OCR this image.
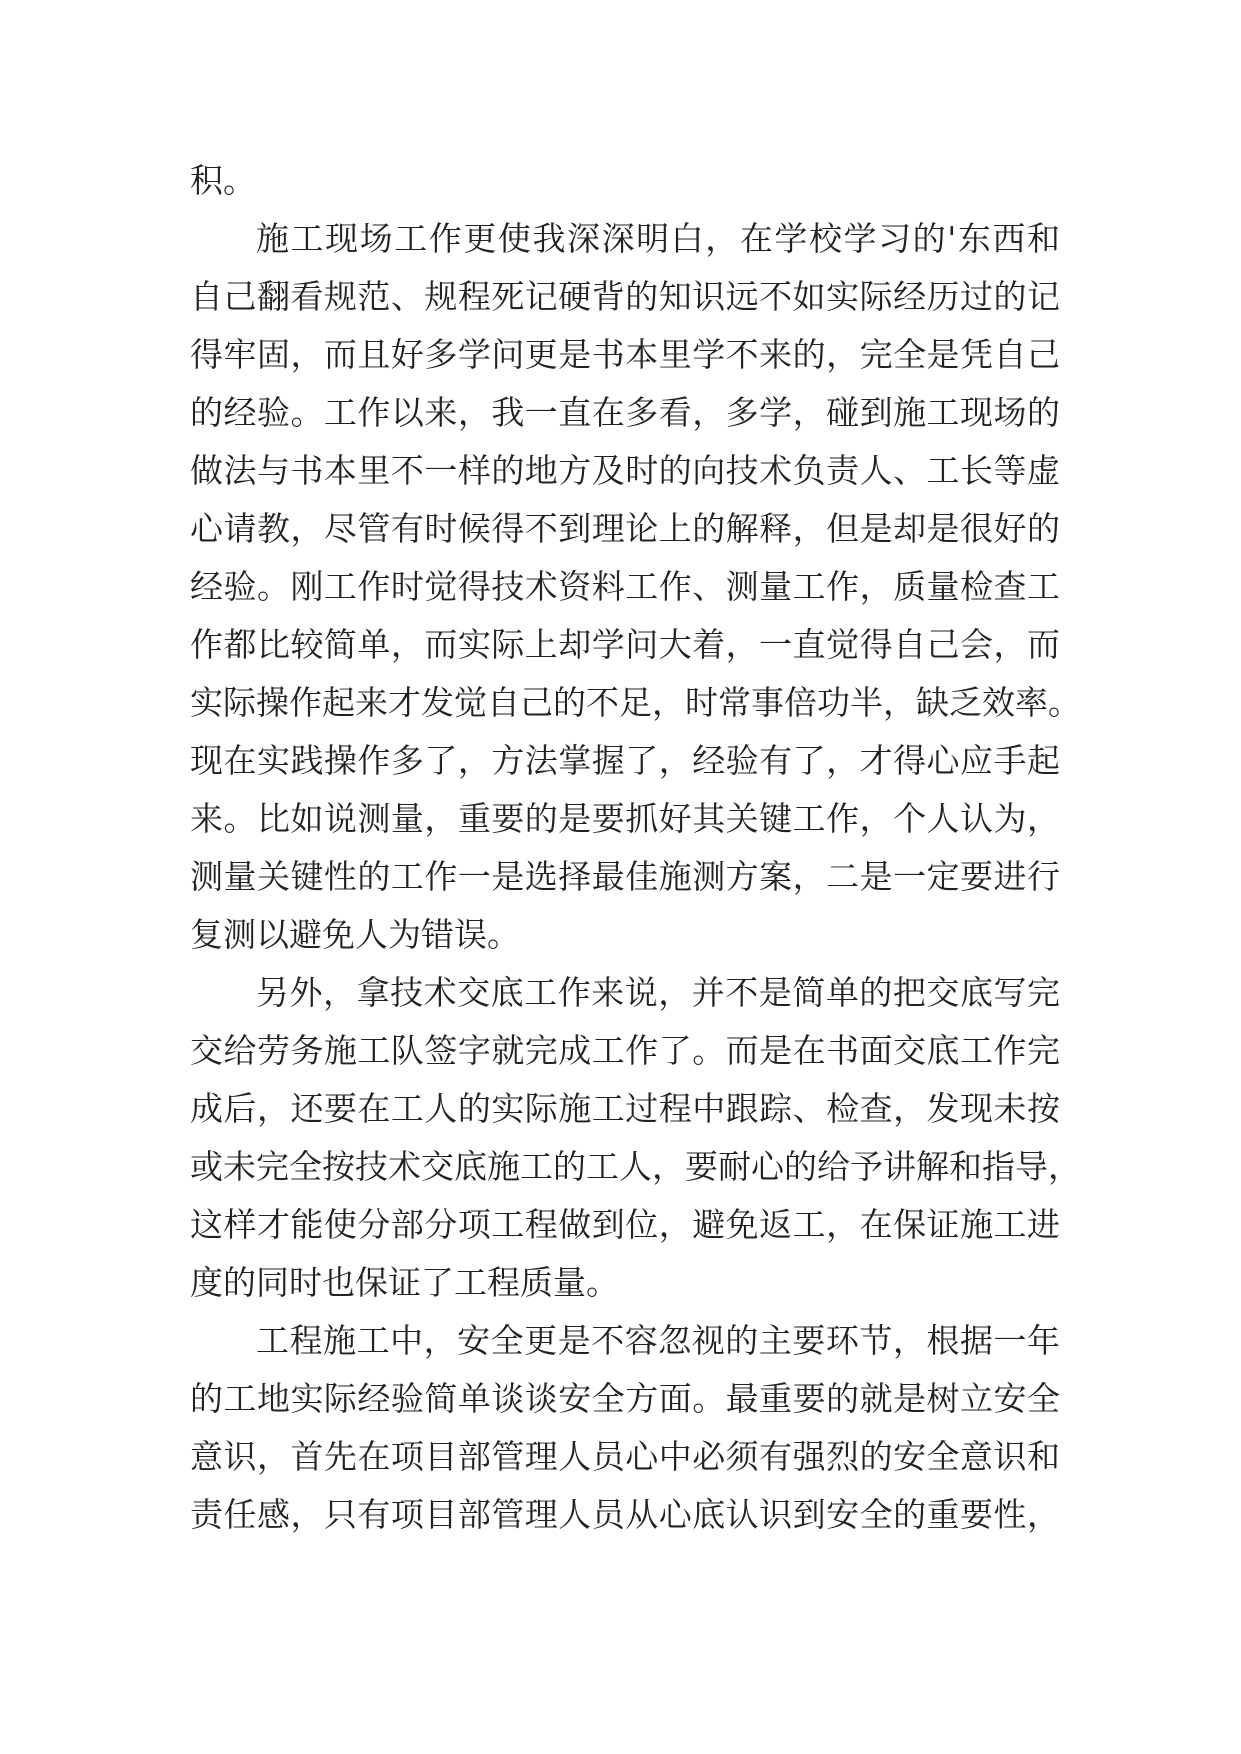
积。
施工现场工作更使我深深明白，在学校学习的'东西和
自己翻看规范、规程死记硬背的知识远不如实际经历过的记
得牢固，而且好多学问更是书本里学不来的，完全是凭自己
的经验。工作以来，我一直在多看，多学，碰到施工现场的
做法与书本里不一样的地方及时的向技术负责人、工长等虚
心请教，尽管有时候得不到理论上的解释，但是却是很好的
经验。刚工作时觉得技术资料工作、测量工作，质量检查工
作都比较简单，而实际上却学问大着，一直觉得自己会，而
实际操作起来才发觉自己的不足，时常事倍功半，缺乏效率。
现在实践操作多了，方法掌握了，经验有了，才得心应手起
来。比如说测量，重要的是要抓好其关键工作，个人认为，
测量关键性的工作一是选择最佳施测方案，二是一定要进行
复测以避免人为错误。
另外，拿技术交底工作来说，并不是简单的把交底写完
交给劳务施工队签字就完成工作了。而是在书面交底工作完
成后，还要在工人的实际施工过程中跟踪、检查，发现未按
或未完全按技术交底施工的工人，要耐心的给予讲解和指导，
这样才能使分部分项工程做到位，避免返工，在保证施工进
度的同时也保证了工程质量。
工程施工中，安全更是不容忽视的主要环节，根据一年
的工地实际经验简单谈谈安全方面。最重要的就是树立安全
意识，首先在项目部管理人员心中必须有强烈的安全意识和
责任感，只有项目部管理人员从心底认识到安全的重要性，
